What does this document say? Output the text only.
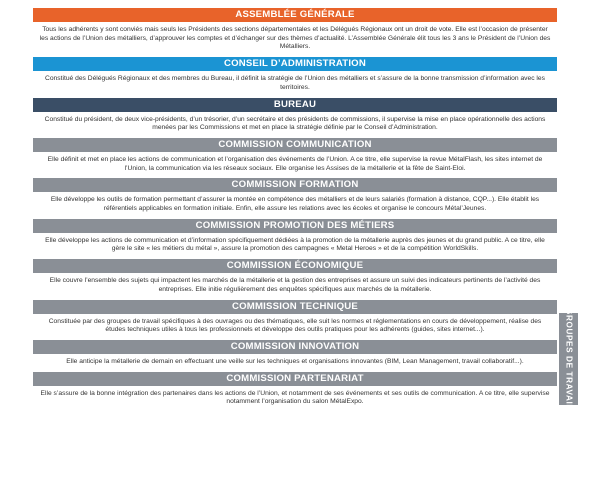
ASSEMBLÉE GÉNÉRALE
Tous les adhérents y sont conviés mais seuls les Présidents des sections départementales et les Délégués Régionaux ont un droit de vote. Elle est l’occasion de présenter les actions de l’Union des métalliers, d’approuver les comptes et d’échanger sur des thèmes d’actualité. L’Assemblée Générale élit tous les 3 ans le Président de l’Union des Métalliers.
CONSEIL D’ADMINISTRATION
Constitué des Délégués Régionaux et des membres du Bureau, il définit la stratégie de l’Union des métalliers et s’assure de la bonne transmission d’information avec les territoires.
BUREAU
Constitué du président, de deux vice-présidents, d’un trésorier, d’un secrétaire et des présidents de commissions, il supervise la mise en place opérationnelle des actions menées par les Commissions et met en place la stratégie définie par le Conseil d’Administration.
COMMISSION COMMUNICATION
Elle définit et met en place les actions de communication et l’organisation des événements de l’Union. A ce titre, elle supervise la revue MétalFlash, les sites internet de l’Union, la communication via les réseaux sociaux. Elle organise les Assises de la métallerie et la fête de Saint-Eloi.
COMMISSION FORMATION
Elle développe les outils de formation permettant d’assurer la montée en compétence des métalliers et de leurs salariés (formation à distance, CQP...). Elle établit les référentiels applicables en formation initiale. Enfin, elle assure les relations avec les écoles et organise le concours Métal’Jeunes.
COMMISSION PROMOTION DES MÉTIERS
Elle développe les actions de communication et d’information spécifiquement dédiées à la promotion de la métallerie auprès des jeunes et du grand public. A ce titre, elle gère le site « les métiers du métal », assure la promotion des campagnes « Metal Heroes » et de la compétition WorldSkills.
COMMISSION ÉCONOMIQUE
Elle couvre l’ensemble des sujets qui impactent les marchés de la métallerie et la gestion des entreprises et assure un suivi des indicateurs pertinents de l’activité des entreprises. Elle initie régulièrement des enquêtes spécifiques aux marchés de la métallerie.
COMMISSION TECHNIQUE
Constituée par des groupes de travail spécifiques à des ouvrages ou des thématiques, elle suit les normes et réglementations en cours de développement, réalise des études techniques utiles à tous les professionnels et développe des outils pratiques pour les adhérents (guides, sites internet...).
COMMISSION INNOVATION
Elle anticipe la métallerie de demain en effectuant une veille sur les techniques et organisations innovantes (BIM, Lean Management, travail collaboratif...).
COMMISSION PARTENARIAT
Elle s’assure de la bonne intégration des partenaires dans les actions de l’Union, et notamment de ses événements et ses outils de communication. A ce titre, elle supervise notamment l’organisation du salon MétalExpo.	GROUPES DE TRAVAIL
